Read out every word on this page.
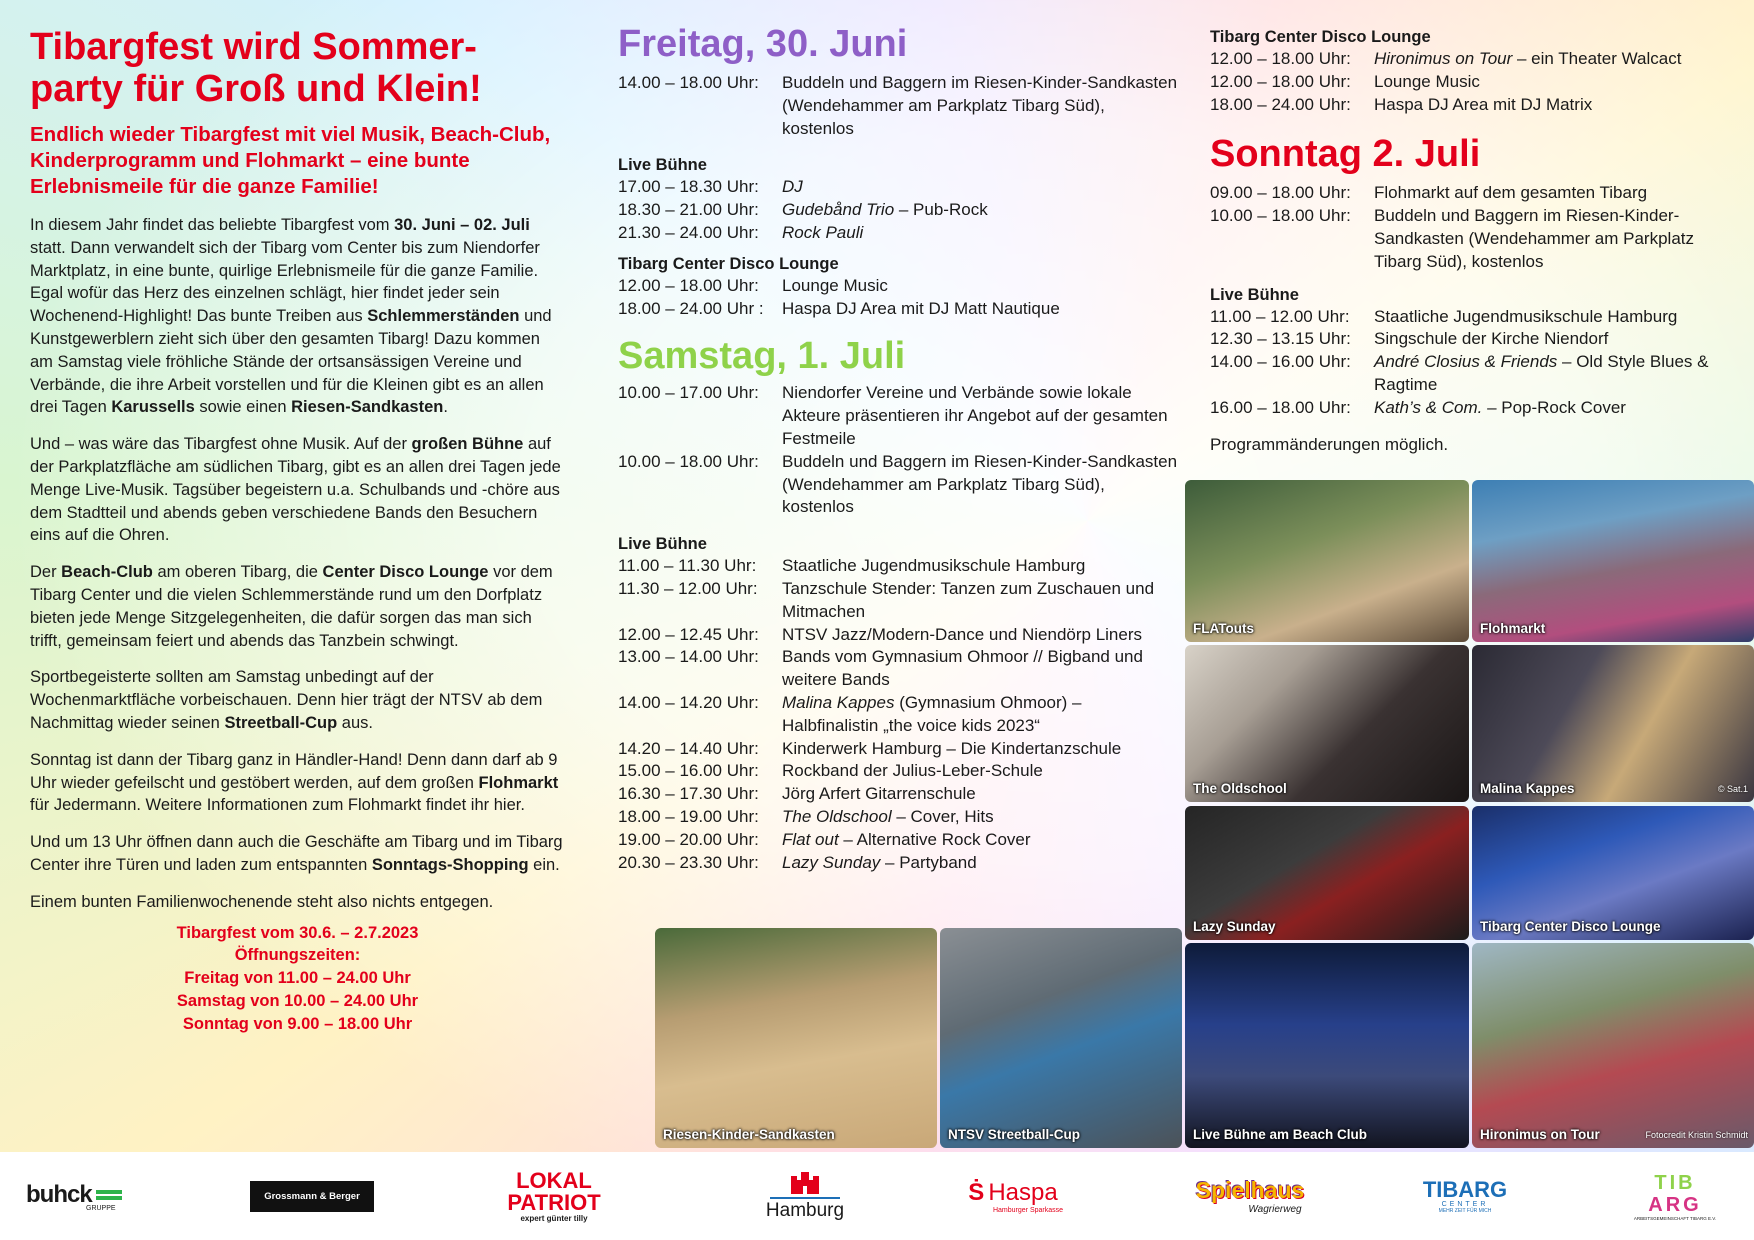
Tibargfest wird Sommer-
party für Groß und Klein!
Endlich wieder Tibargfest mit viel Musik, Beach-Club, Kinderprogramm und Flohmarkt – eine bunte Erlebnismeile für die ganze Familie!

In diesem Jahr findet das beliebte Tibargfest vom 30. Juni – 02. Juli statt. Dann verwandelt sich der Tibarg vom Center bis zum Niendorfer Marktplatz, in eine bunte, quirlige Erlebnismeile für die ganze Familie. Egal wofür das Herz des einzelnen schlägt, hier findet jeder sein Wochenend-Highlight! Das bunte Treiben aus Schlemmerständen und Kunstgewerblern zieht sich über den gesamten Tibarg! Dazu kommen am Samstag viele fröhliche Stände der ortsansässigen Vereine und Verbände, die ihre Arbeit vorstellen und für die Kleinen gibt es an allen drei Tagen Karussells sowie einen Riesen-Sandkasten.

Und – was wäre das Tibargfest ohne Musik. Auf der großen Bühne auf der Parkplatzfläche am südlichen Tibarg, gibt es an allen drei Tagen jede Menge Live-Musik. Tagsüber begeistern u.a. Schulbands und -chöre aus dem Stadtteil und abends geben verschiedene Bands den Besuchern eins auf die Ohren.

Der Beach-Club am oberen Tibarg, die Center Disco Lounge vor dem Tibarg Center und die vielen Schlemmerstände rund um den Dorfplatz bieten jede Menge Sitzgelegenheiten, die dafür sorgen das man sich trifft, gemeinsam feiert und abends das Tanzbein schwingt.

Sportbegeisterte sollten am Samstag unbedingt auf der Wochenmarktfläche vorbeischauen. Denn hier trägt der NTSV ab dem Nachmittag wieder seinen Streetball-Cup aus.

Sonntag ist dann der Tibarg ganz in Händler-Hand! Denn dann darf ab 9 Uhr wieder gefeilscht und gestöbert werden, auf dem großen Flohmarkt für Jedermann. Weitere Informationen zum Flohmarkt findet ihr hier.

Und um 13 Uhr öffnen dann auch die Geschäfte am Tibarg und im Tibarg Center ihre Türen und laden zum entspannten Sonntags-Shopping ein.

Einem bunten Familienwochenende steht also nichts entgegen.

Tibargfest vom 30.6. – 2.7.2023
Öffnungszeiten:
Freitag von 11.00 – 24.00 Uhr
Samstag von 10.00 – 24.00 Uhr
Sonntag von 9.00 – 18.00 Uhr
Freitag, 30. Juni
14.00 – 18.00 Uhr:	Buddeln und Baggern im Riesen-Kinder-Sandkasten (Wendehammer am Parkplatz Tibarg Süd), kostenlos
Live Bühne
17.00 – 18.30 Uhr:	DJ
18.30 – 21.00 Uhr:	Gudebånd Trio – Pub-Rock
21.30 – 24.00 Uhr:	Rock Pauli
Tibarg Center Disco Lounge
12.00 – 18.00 Uhr:	Lounge Music
18.00 – 24.00 Uhr :	Haspa DJ Area mit DJ Matt Nautique
Samstag, 1. Juli
10.00 – 17.00 Uhr:	Niendorfer Vereine und Verbände sowie lokale Akteure präsentieren ihr Angebot auf der gesamten Festmeile
10.00 – 18.00 Uhr:	Buddeln und Baggern im Riesen-Kinder-Sandkasten (Wendehammer am Parkplatz Tibarg Süd), kostenlos
Live Bühne
11.00 – 11.30 Uhr:	Staatliche Jugendmusikschule Hamburg
11.30 – 12.00 Uhr:	Tanzschule Stender: Tanzen zum Zuschauen und Mitmachen
12.00 – 12.45 Uhr:	NTSV Jazz/Modern-Dance und Niendörp Liners
13.00 – 14.00 Uhr:	Bands vom Gymnasium Ohmoor // Bigband und weitere Bands
14.00 – 14.20 Uhr:	Malina Kappes (Gymnasium Ohmoor) – Halbfinalistin „the voice kids 2023“
14.20 – 14.40 Uhr:	Kinderwerk Hamburg – Die Kindertanzschule
15.00 – 16.00 Uhr:	Rockband der Julius-Leber-Schule
16.30 – 17.30 Uhr:	Jörg Arfert Gitarrenschule
18.00 – 19.00 Uhr:	The Oldschool – Cover, Hits
19.00 – 20.00 Uhr:	Flat out – Alternative Rock Cover
20.30 – 23.30 Uhr:	Lazy Sunday – Partyband
Tibarg Center Disco Lounge
12.00 – 18.00 Uhr:	Hironimus on Tour – ein Theater Walcact
12.00 – 18.00 Uhr:	Lounge Music
18.00 – 24.00 Uhr:	Haspa DJ Area mit DJ Matrix
Sonntag 2. Juli
09.00 – 18.00 Uhr:	Flohmarkt auf dem gesamten Tibarg
10.00 – 18.00 Uhr:	Buddeln und Baggern im Riesen-Kinder-Sandkasten (Wendehammer am Parkplatz Tibarg Süd), kostenlos
Live Bühne
11.00 – 12.00 Uhr:	Staatliche Jugendmusikschule Hamburg
12.30 – 13.15 Uhr:	Singschule der Kirche Niendorf
14.00 – 16.00 Uhr:	André Closius & Friends – Old Style Blues & Ragtime
16.00 – 18.00 Uhr:	Kath’s & Com. – Pop-Rock Cover
Programmänderungen möglich.
FLATouts	Flohmarkt
The Oldschool	Malina Kappes	© Sat.1
Lazy Sunday	Tibarg Center Disco Lounge
Riesen-Kinder-Sandkasten	NTSV Streetball-Cup	Live Bühne am Beach Club	Hironimus on Tour	Fotocredit Kristin Schmidt
buhck
GRUPPE
Grossmann & Berger
LOKAL
PATRIOT
expert günter tilly	Hamburg
Ṡ Haspa
Hamburger Sparkasse
Spielhaus
Wagrierweg
TIBARG
CENTER
MEHR ZEIT FÜR MICH
TIB
ARG
ARBEITSGEMEINSCHAFT TIBARG E.V.
